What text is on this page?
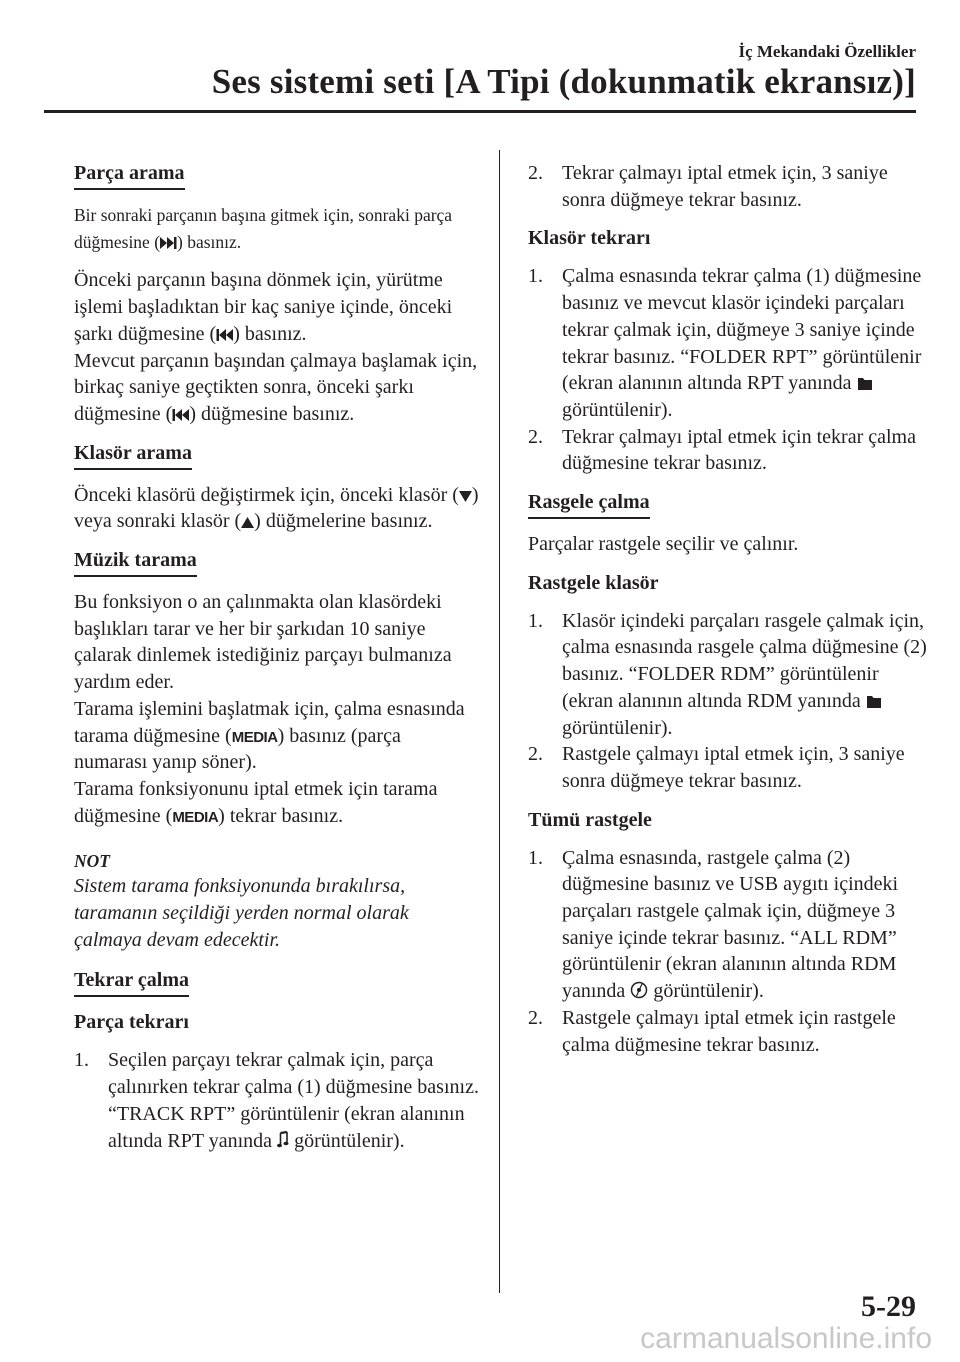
İç Mekandaki Özellikler
Ses sistemi seti [A Tipi (dokunmatik ekransız)]
Parça arama
Bir sonraki parçanın başına gitmek için, sonraki parça düğmesine ( ) basınız.
Önceki parçanın başına dönmek için, yürütme işlemi başladıktan bir kaç saniye içinde, önceki şarkı düğmesine ( ) basınız.
Mevcut parçanın başından çalmaya başlamak için, birkaç saniye geçtikten sonra, önceki şarkı düğmesine ( ) düğmesine basınız.
Klasör arama
Önceki klasörü değiştirmek için, önceki klasör ( ) veya sonraki klasör ( ) düğmelerine basınız.
Müzik tarama
Bu fonksiyon o an çalınmakta olan klasördeki başlıkları tarar ve her bir şarkıdan 10 saniye çalarak dinlemek istediğiniz parçayı bulmanıza yardım eder.
Tarama işlemini başlatmak için, çalma esnasında tarama düğmesine (MEDIA) basınız (parça numarası yanıp söner).
Tarama fonksiyonunu iptal etmek için tarama düğmesine (MEDIA) tekrar basınız.
NOT
Sistem tarama fonksiyonunda bırakılırsa, taramanın seçildiği yerden normal olarak çalmaya devam edecektir.
Tekrar çalma
Parça tekrarı
1. Seçilen parçayı tekrar çalmak için, parça çalınırken tekrar çalma (1) düğmesine basınız. “TRACK RPT” görüntülenir (ekran alanının altında RPT yanında  görüntülenir).
2. Tekrar çalmayı iptal etmek için, 3 saniye sonra düğmeye tekrar basınız.
Klasör tekrarı
1. Çalma esnasında tekrar çalma (1) düğmesine basınız ve mevcut klasör içindeki parçaları tekrar çalmak için, düğmeye 3 saniye içinde tekrar basınız. “FOLDER RPT” görüntülenir (ekran alanının altında RPT yanında  görüntülenir).
2. Tekrar çalmayı iptal etmek için tekrar çalma düğmesine tekrar basınız.
Rasgele çalma
Parçalar rastgele seçilir ve çalınır.
Rastgele klasör
1. Klasör içindeki parçaları rasgele çalmak için, çalma esnasında rasgele çalma düğmesine (2) basınız. “FOLDER RDM” görüntülenir (ekran alanının altında RDM yanında  görüntülenir).
2. Rastgele çalmayı iptal etmek için, 3 saniye sonra düğmeye tekrar basınız.
Tümü rastgele
1. Çalma esnasında, rastgele çalma (2) düğmesine basınız ve USB aygıtı içindeki parçaları rastgele çalmak için, düğmeye 3 saniye içinde tekrar basınız. “ALL RDM” görüntülenir (ekran alanının altında RDM yanında  görüntülenir).
2. Rastgele çalmayı iptal etmek için rastgele çalma düğmesine tekrar basınız.
5-29
carmanualsonline.info
